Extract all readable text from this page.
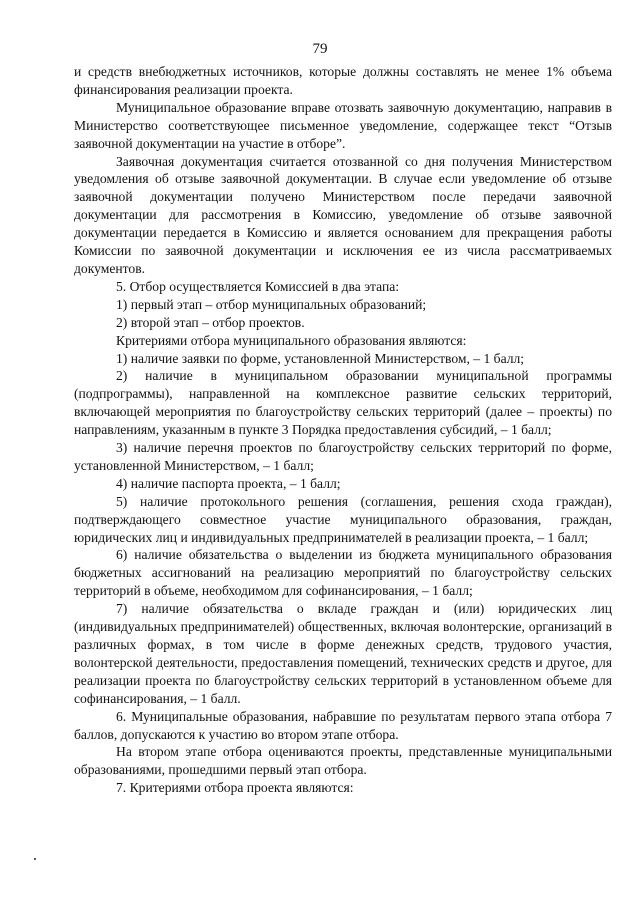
79

и средств внебюджетных источников, которые должны составлять не менее 1% объема финансирования реализации проекта.

Муниципальное образование вправе отозвать заявочную документацию, направив в Министерство соответствующее письменное уведомление, содержащее текст “Отзыв заявочной документации на участие в отборе”.

Заявочная документация считается отозванной со дня получения Министерством уведомления об отзыве заявочной документации. В случае если уведомление об отзыве заявочной документации получено Министерством после передачи заявочной документации для рассмотрения в Комиссию, уведомление об отзыве заявочной документации передается в Комиссию и является основанием для прекращения работы Комиссии по заявочной документации и исключения ее из числа рассматриваемых документов.

5. Отбор осуществляется Комиссией в два этапа:

1) первый этап – отбор муниципальных образований;

2) второй этап – отбор проектов.

Критериями отбора муниципального образования являются:

1) наличие заявки по форме, установленной Министерством, – 1 балл;

2) наличие в муниципальном образовании муниципальной программы (подпрограммы), направленной на комплексное развитие сельских территорий, включающей мероприятия по благоустройству сельских территорий (далее – проекты) по направлениям, указанным в пункте 3 Порядка предоставления субсидий, – 1 балл;

3) наличие перечня проектов по благоустройству сельских территорий по форме, установленной Министерством, – 1 балл;

4) наличие паспорта проекта, – 1 балл;

5) наличие протокольного решения (соглашения, решения схода граждан), подтверждающего совместное участие муниципального образования, граждан, юридических лиц и индивидуальных предпринимателей в реализации проекта, – 1 балл;

6) наличие обязательства о выделении из бюджета муниципального образования бюджетных ассигнований на реализацию мероприятий по благоустройству сельских территорий в объеме, необходимом для софинансирования, – 1 балл;

7) наличие обязательства о вкладе граждан и (или) юридических лиц (индивидуальных предпринимателей) общественных, включая волонтерские, организаций в различных формах, в том числе в форме денежных средств, трудового участия, волонтерской деятельности, предоставления помещений, технических средств и другое, для реализации проекта по благоустройству сельских территорий в установленном объеме для софинансирования, – 1 балл.

6. Муниципальные образования, набравшие по результатам первого этапа отбора 7 баллов, допускаются к участию во втором этапе отбора.

На втором этапе отбора оцениваются проекты, представленные муниципальными образованиями, прошедшими первый этап отбора.

7. Критериями отбора проекта являются:
